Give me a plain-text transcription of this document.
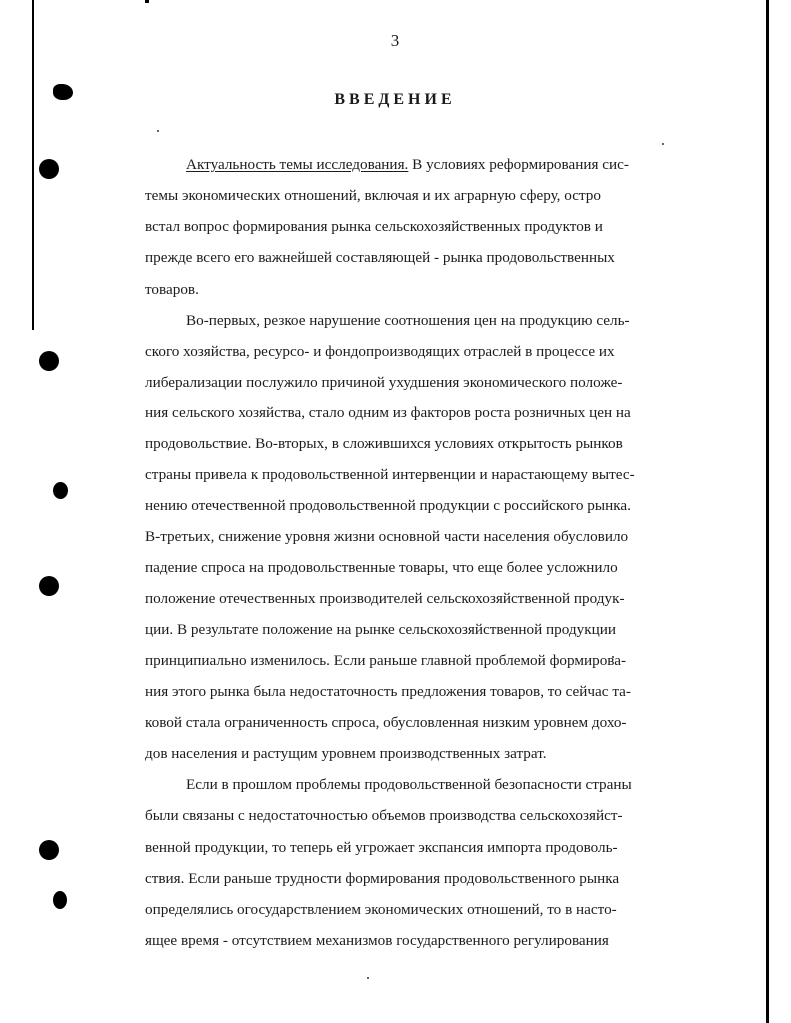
3
ВВЕДЕНИЕ
Актуальность темы исследования. В условиях реформирования сис-
темы экономических отношений, включая и их аграрную сферу, остро
встал вопрос формирования рынка сельскохозяйственных продуктов и
прежде всего его важнейшей составляющей - рынка продовольственных
товаров.
Во-первых, резкое нарушение соотношения цен на продукцию сель-
ского хозяйства, ресурсо- и фондопроизводящих отраслей в процессе их
либерализации послужило причиной ухудшения экономического положе-
ния сельского хозяйства, стало одним из факторов роста розничных цен на
продовольствие. Во-вторых, в сложившихся условиях открытость рынков
страны привела к продовольственной интервенции и нарастающему вытес-
нению отечественной продовольственной продукции с российского рынка.
В-третьих, снижение уровня жизни основной части населения обусловило
падение спроса на продовольственные товары, что еще более усложнило
положение отечественных производителей сельскохозяйственной продук-
ции. В результате положение на рынке сельскохозяйственной продукции
принципиально изменилось. Если раньше главной проблемой формирова-
ния этого рынка была недостаточность предложения товаров, то сейчас та-
ковой стала ограниченность спроса, обусловленная низким уровнем дохо-
дов населения и растущим уровнем производственных затрат.
Если в прошлом проблемы продовольственной безопасности страны
были связаны с недостаточностью объемов производства сельскохозяйст-
венной продукции, то теперь ей угрожает экспансия импорта продоволь-
ствия. Если раньше трудности формирования продовольственного рынка
определялись огосударствлением экономических отношений, то в насто-
ящее время - отсутствием механизмов государственного регулирования
